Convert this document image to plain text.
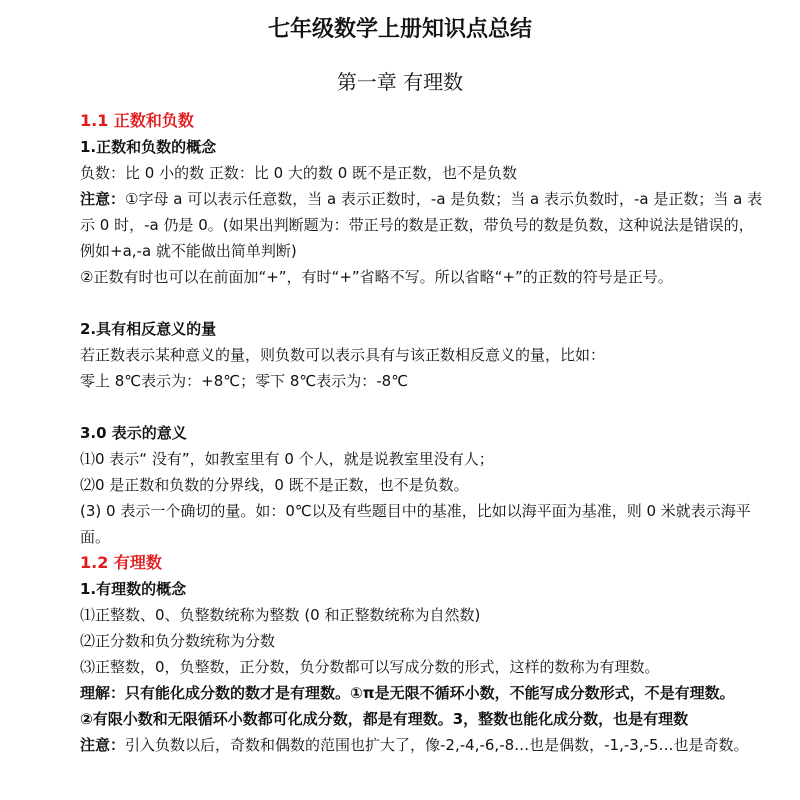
七年级数学上册知识点总结
第一章 有理数
1.1 正数和负数
1.正数和负数的概念
负数：比 0 小的数 正数：比 0 大的数 0 既不是正数，也不是负数
注意：①字母 a 可以表示任意数，当 a 表示正数时，-a 是负数；当 a 表示负数时，-a 是正数；当 a 表
示 0 时，-a 仍是 0。(如果出判断题为：带正号的数是正数，带负号的数是负数，这种说法是错误的，
例如+a,-a 就不能做出简单判断)
②正数有时也可以在前面加“+”，有时“+”省略不写。所以省略“+”的正数的符号是正号。
2.具有相反意义的量
若正数表示某种意义的量，则负数可以表示具有与该正数相反意义的量，比如：
零上 8℃表示为：+8℃；零下 8℃表示为：-8℃
3.0 表示的意义
⑴0 表示“ 没有”，如教室里有 0 个人，就是说教室里没有人；
⑵0 是正数和负数的分界线，0 既不是正数，也不是负数。
(3) 0 表示一个确切的量。如：0℃以及有些题目中的基准，比如以海平面为基准，则 0 米就表示海平
面。
1.2 有理数
1.有理数的概念
⑴正整数、0、负整数统称为整数 (0 和正整数统称为自然数)
⑵正分数和负分数统称为分数
⑶正整数，0，负整数，正分数，负分数都可以写成分数的形式，这样的数称为有理数。
理解：只有能化成分数的数才是有理数。①π是无限不循环小数，不能写成分数形式，不是有理数。
②有限小数和无限循环小数都可化成分数，都是有理数。3，整数也能化成分数，也是有理数
注意：引入负数以后，奇数和偶数的范围也扩大了，像-2,-4,-6,-8…也是偶数，-1,-3,-5…也是奇数。
